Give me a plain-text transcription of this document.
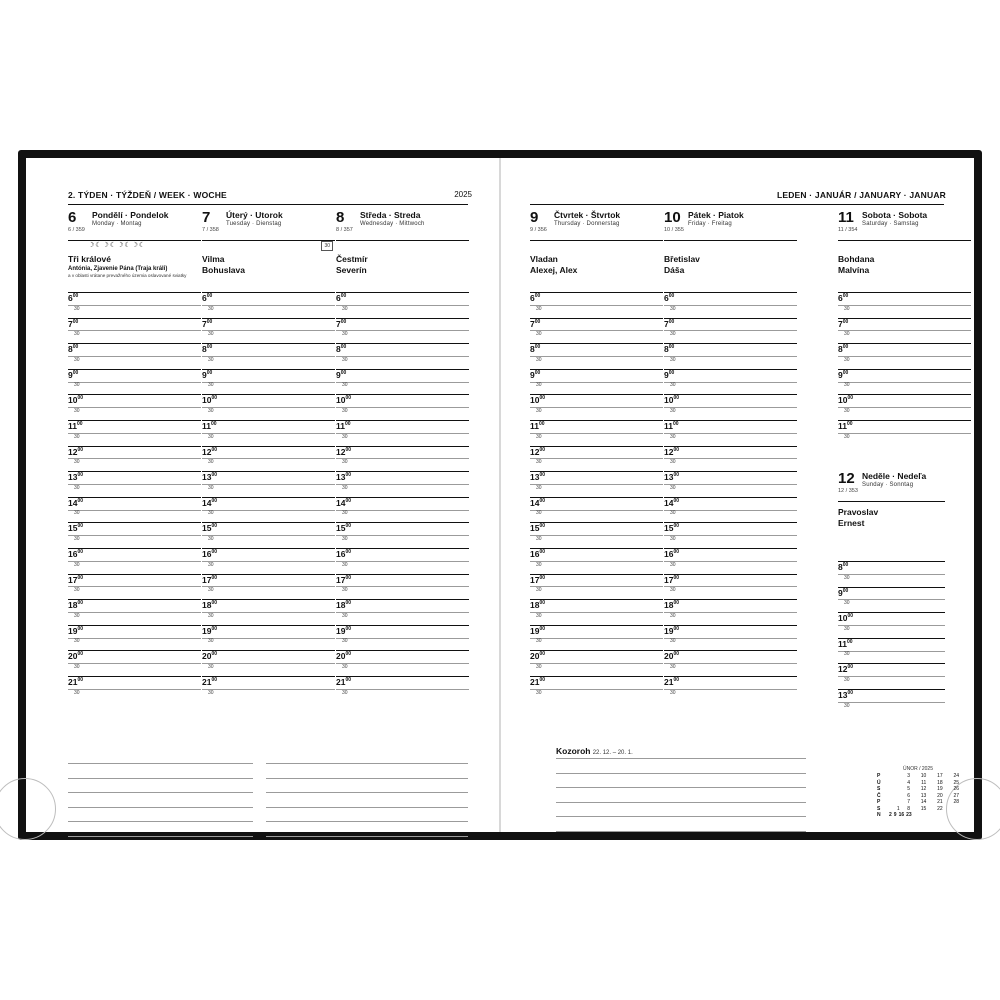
2. TÝDEN · TÝŽDEŇ / WEEK · WOCHE	2025
6 Pondělí · Pondelok
Monday · Montag
6 / 359
☽☾☽☾☽☾☽☾
Tři králové
Antónia, Zjavenie Pána (Traja králi)
a v oblasti vrátane prevažného územia oslavované sviatky
$6^{00}$
30
$7^{00}$
30
$8^{00}$
30
$9^{00}$
30
$10^{00}$
30
$11^{00}$
30
$12^{00}$
30
$13^{00}$
30
$14^{00}$
30
$15^{00}$
30
$16^{00}$
30
$17^{00}$
30
$18^{00}$
30
$19^{00}$
30
$20^{00}$
30
$21^{00}$
30
7 Úterý · Utorok
Tuesday · Dienstag
7 / 358
30
Vilma
Bohuslava
$6^{00}$
30
$7^{00}$
30
$8^{00}$
30
$9^{00}$
30
$10^{00}$
30
$11^{00}$
30
$12^{00}$
30
$13^{00}$
30
$14^{00}$
30
$15^{00}$
30
$16^{00}$
30
$17^{00}$
30
$18^{00}$
30
$19^{00}$
30
$20^{00}$
30
$21^{00}$
30
8 Středa · Streda
Wednesday · Mittwoch
8 / 357
Čestmír
Severín
$6^{00}$
30
$7^{00}$
30
$8^{00}$
30
$9^{00}$
30
$10^{00}$
30
$11^{00}$
30
$12^{00}$
30
$13^{00}$
30
$14^{00}$
30
$15^{00}$
30
$16^{00}$
30
$17^{00}$
30
$18^{00}$
30
$19^{00}$
30
$20^{00}$
30
$21^{00}$
30
LEDEN · JANUÁR / JANUARY · JANUAR
9 Čtvrtek · Štvrtok
Thursday · Donnerstag
9 / 356
Vladan
Alexej, Alex
$6^{00}$
30
$7^{00}$
30
$8^{00}$
30
$9^{00}$
30
$10^{00}$
30
$11^{00}$
30
$12^{00}$
30
$13^{00}$
30
$14^{00}$
30
$15^{00}$
30
$16^{00}$
30
$17^{00}$
30
$18^{00}$
30
$19^{00}$
30
$20^{00}$
30
$21^{00}$
30
10 Pátek · Piatok
Friday · Freitag
10 / 355
Břetislav
Dáša
$6^{00}$
30
$7^{00}$
30
$8^{00}$
30
$9^{00}$
30
$10^{00}$
30
$11^{00}$
30
$12^{00}$
30
$13^{00}$
30
$14^{00}$
30
$15^{00}$
30
$16^{00}$
30
$17^{00}$
30
$18^{00}$
30
$19^{00}$
30
$20^{00}$
30
$21^{00}$
30
11 Sobota · Sobota
Saturday · Samstag
11 / 354
Bohdana
Malvína
$6^{00}$
30
$7^{00}$
30
$8^{00}$
30
$9^{00}$
30
$10^{00}$
30
$11^{00}$
30
12 Neděle · Nedeľa
Sunday · Sonntag
12 / 353
Pravoslav
Ernest
$8^{00}$
30
$9^{00}$
30
$10^{00}$
30
$11^{00}$
30
$12^{00}$
30
$13^{00}$
30
Kozoroh 22. 12. – 20. 1.
ÚNOR / 2025
P			3	10	17	24
Ú			4	11	18	25
S			5	12	19	26
Č			6	13	20	27
P			7	14	21	28
S		1	8	15	22	

N		2	9	16	23	
